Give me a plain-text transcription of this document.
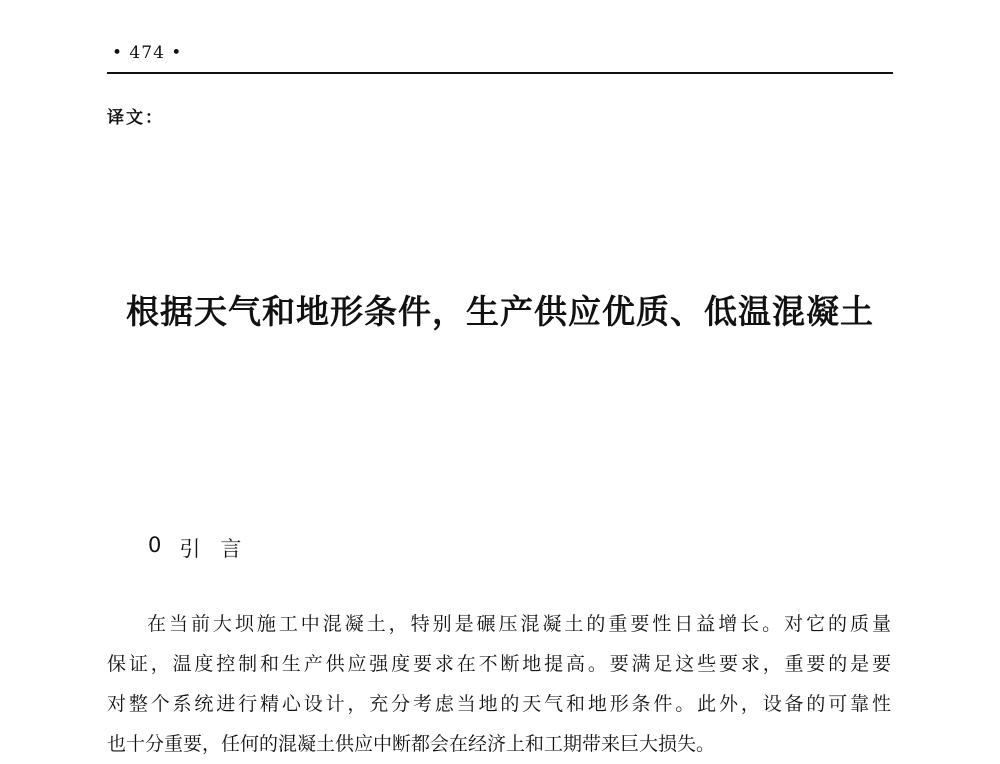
• 474 •
译文：
根据天气和地形条件，生产供应优质、低温混凝土
0 引言
在当前大坝施工中混凝土，特别是碾压混凝土的重要性日益增长。对它的质量
保证，温度控制和生产供应强度要求在不断地提高。要满足这些要求，重要的是要
对整个系统进行精心设计，充分考虑当地的天气和地形条件。此外，设备的可靠性
也十分重要，任何的混凝土供应中断都会在经济上和工期带来巨大损失。
